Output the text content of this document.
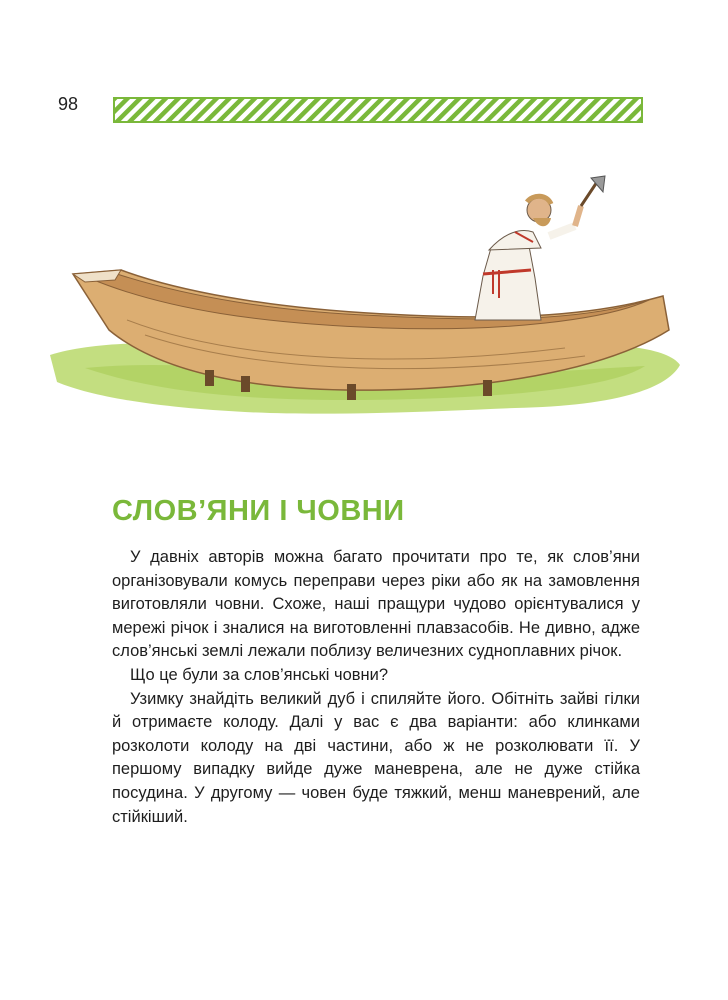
98
СЛОВ’ЯНИ І ЧОВНИ

У давніх авторів можна багато прочитати про те, як слов’яни організовували комусь переправи через ріки або як на замовлення виготовляли човни. Схоже, наші пращури чудово орієнтувалися у мережі річок і зналися на виготовленні плавзасобів. Не дивно, адже слов’янські землі лежали поблизу величезних судноплавних річок.

Що це були за слов’янські човни?

Узимку знайдіть великий дуб і спиляйте його. Обітніть зайві гілки й отримаєте колоду. Далі у вас є два варіанти: або клинками розколоти колоду на дві частини, або ж не розколювати її. У першому випадку вийде дуже маневрена, але не дуже стійка посудина. У другому — човен буде тяжкий, менш маневрений, але стійкіший.
